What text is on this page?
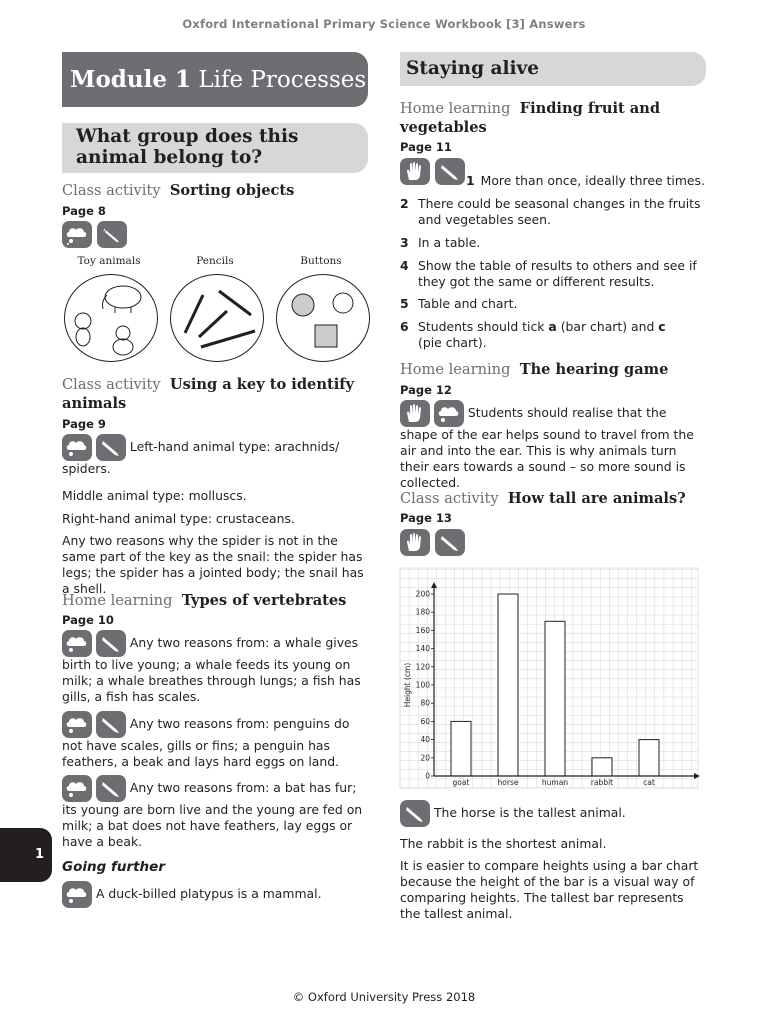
Oxford International Primary Science Workbook [3] Answers
Module 1 Life Processes
What group does this animal belong to?
Class activity Sorting objects
Page 8

Toy animals	Pencils	Buttons
Class activity Using a key to identify animals
Page 9

Left-hand animal type: arachnids/ spiders.
Middle animal type: molluscs.
Right-hand animal type: crustaceans.
Any two reasons why the spider is not in the same part of the key as the snail: the spider has legs; the spider has a jointed body; the snail has a shell.
Home learning Types of vertebrates
Page 10

Any two reasons from: a whale gives birth to live young; a whale feeds its young on milk; a whale breathes through lungs; a fish has gills, a fish has scales.

Any two reasons from: penguins do not have scales, gills or fins; a penguin has feathers, a beak and lays hard eggs on land.

Any two reasons from: a bat has fur; its young are born live and the young are fed on milk; a bat does not have feathers, lay eggs or have a beak.
Going further
A duck-billed platypus is a mammal.
Staying alive
Home learning Finding fruit and vegetables
Page 11

1 More than once, ideally three times.
2 There could be seasonal changes in the fruits and vegetables seen.
3 In a table.
4 Show the table of results to others and see if they got the same or different results.
5 Table and chart.
6 Students should tick a (bar chart) and c (pie chart).
Home learning The hearing game
Page 12

Students should realise that the shape of the ear helps sound to travel from the air and into the ear. This is why animals turn their ears towards a sound – so more sound is collected.
Class activity How tall are animals?
Page 13

goat	horse	human	rabbit	cat
0
20
40
60
80
100
120
140
160
180
200
Height (cm)
The horse is the tallest animal.
The rabbit is the shortest animal.
It is easier to compare heights using a bar chart because the height of the bar is a visual way of comparing heights. The tallest bar represents the tallest animal.
1
© Oxford University Press 2018
